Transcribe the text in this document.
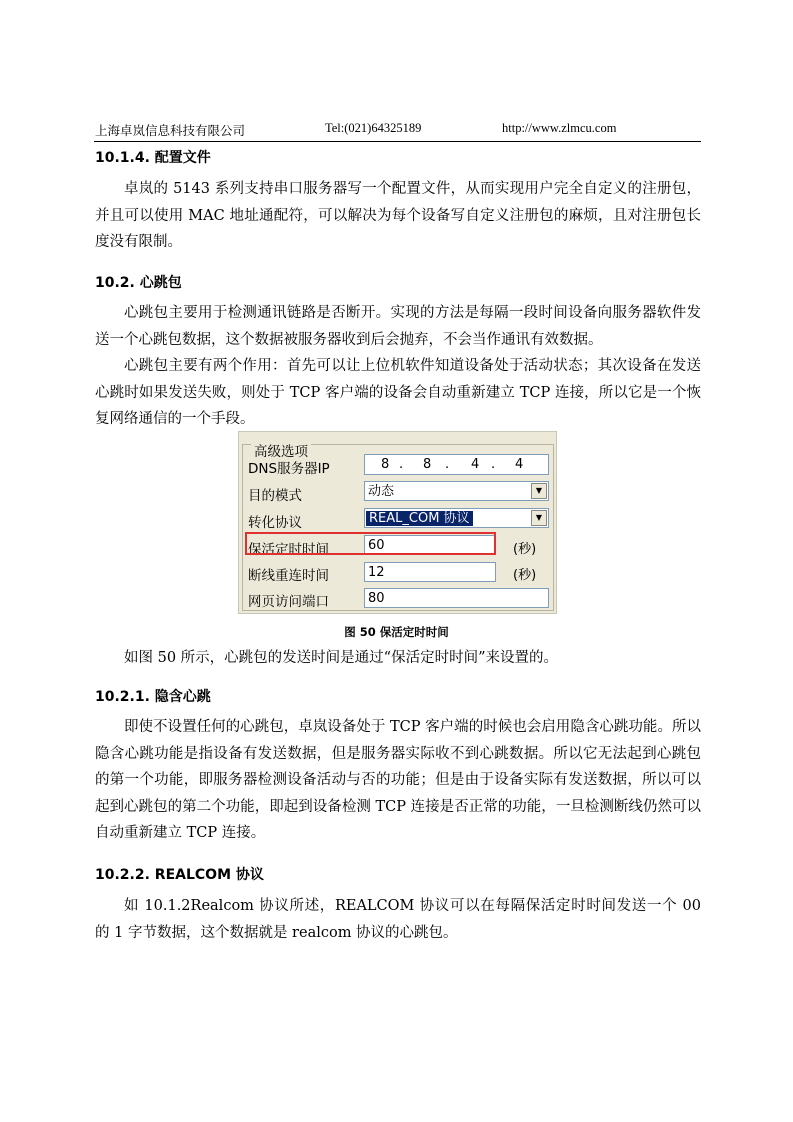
上海卓岚信息科技有限公司	Tel:(021)64325189	http://www.zlmcu.com
10.1.4. 配置文件

卓岚的 5143 系列支持串口服务器写一个配置文件，从而实现用户完全自定义的注册包，并且可以使用 MAC 地址通配符，可以解决为每个设备写自定义注册包的麻烦，且对注册包长度没有限制。

10.2. 心跳包

心跳包主要用于检测通讯链路是否断开。实现的方法是每隔一段时间设备向服务器软件发送一个心跳包数据，这个数据被服务器收到后会抛弃，不会当作通讯有效数据。

心跳包主要有两个作用：首先可以让上位机软件知道设备处于活动状态；其次设备在发送心跳时如果发送失败，则处于 TCP 客户端的设备会自动重新建立 TCP 连接，所以它是一个恢复网络通信的一个手段。

高级选项
DNS服务器IP	8 . 8 . 4 . 4
目的模式	动态	▼
转化协议	REAL_COM 协议	▼
保活定时时间	60	(秒)
断线重连时间	12	(秒)
网页访问端口	80
图 50 保活定时时间

如图 50 所示，心跳包的发送时间是通过“保活定时时间”来设置的。

10.2.1. 隐含心跳

即使不设置任何的心跳包，卓岚设备处于 TCP 客户端的时候也会启用隐含心跳功能。所以隐含心跳功能是指设备有发送数据，但是服务器实际收不到心跳数据。所以它无法起到心跳包的第一个功能，即服务器检测设备活动与否的功能；但是由于设备实际有发送数据，所以可以起到心跳包的第二个功能，即起到设备检测 TCP 连接是否正常的功能，一旦检测断线仍然可以自动重新建立 TCP 连接。

10.2.2. REALCOM 协议

如 10.1.2Realcom 协议所述，REALCOM 协议可以在每隔保活定时时间发送一个 00 的 1 字节数据，这个数据就是 realcom 协议的心跳包。
